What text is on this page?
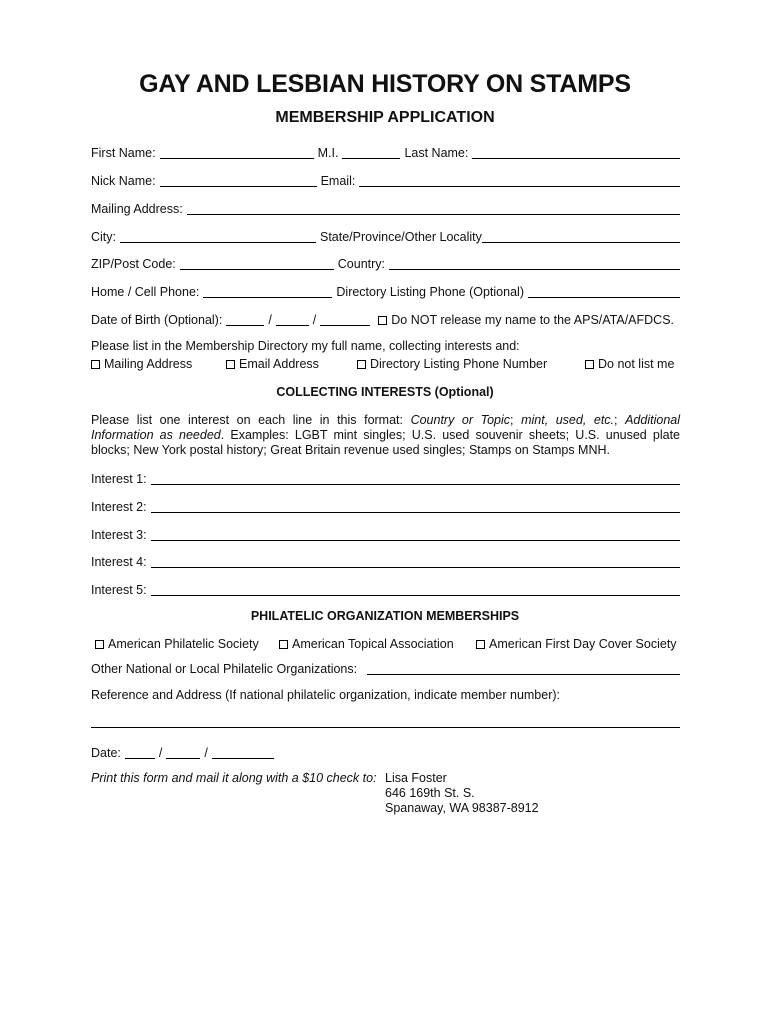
GAY AND LESBIAN HISTORY ON STAMPS
MEMBERSHIP APPLICATION
First Name:	M.I.	Last Name:
Nick Name:	Email:
Mailing Address:
City:	State/Province/Other Locality
ZIP/Post Code:	Country:
Home / Cell Phone:	Directory Listing Phone (Optional)
Date of Birth (Optional):	/	/	Do NOT release my name to the APS/ATA/AFDCS.
Please list in the Membership Directory my full name, collecting interests and:
Mailing Address	Email Address	Directory Listing Phone Number	Do not list me
COLLECTING INTERESTS (Optional)
Please list one interest on each line in this format: Country or Topic; mint, used, etc.; Additional Information as needed. Examples: LGBT mint singles; U.S. used souvenir sheets; U.S. unused plate blocks; New York postal history; Great Britain revenue used singles; Stamps on Stamps MNH.
Interest 1:
Interest 2:
Interest 3:
Interest 4:
Interest 5:
PHILATELIC ORGANIZATION MEMBERSHIPS
American Philatelic Society	American Topical Association	American First Day Cover Society
Other National or Local Philatelic Organizations:
Reference and Address (If national philatelic organization, indicate member number):
Date:	/	/
Print this form and mail it along with a $10 check to: Lisa Foster
646 169th St. S.
Spanaway, WA 98387-8912
